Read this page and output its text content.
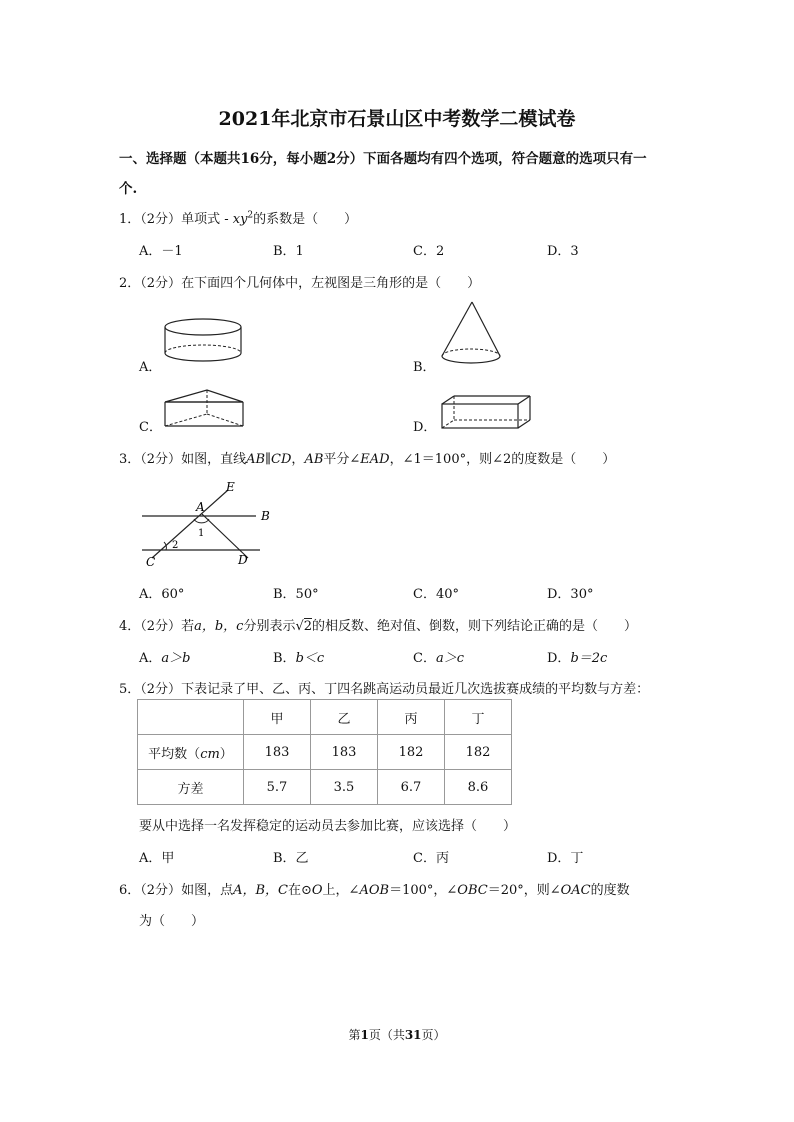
2021年北京市石景山区中考数学二模试卷
一、选择题（本题共16分，每小题2分）下面各题均有四个选项，符合题意的选项只有一
个.
1．（2分）单项式 - $xy^2$的系数是（　　）
A．－1	B．1	C．2	D．3
2．（2分）在下面四个几何体中，左视图是三角形的是（　　）
A．	B．
C．	D．
3．（2分）如图，直线AB∥CD，AB平分∠EAD，∠1＝100°，则∠2的度数是（　　）
E
A
B
1
2
C	D
A．60°	B．50°	C．40°	D．30°
4．（2分）若a，b，c分别表示√2的相反数、绝对值、倒数，则下列结论正确的是（　　）
A．a＞b	B．b＜c	C．a＞c	D．b＝2c
5．（2分）下表记录了甲、乙、丙、丁四名跳高运动员最近几次选拔赛成绩的平均数与方差：
	甲	乙	丙	丁
平均数（cm）	183	183	182	182
方差	5.7	3.5	6.7	8.6
要从中选择一名发挥稳定的运动员去参加比赛，应该选择（　　）
A．甲	B．乙	C．丙	D．丁
6．（2分）如图，点A，B，C在⊙O上，∠AOB＝100°，∠OBC＝20°，则∠OAC的度数
为（　　）
第1页（共31页）
